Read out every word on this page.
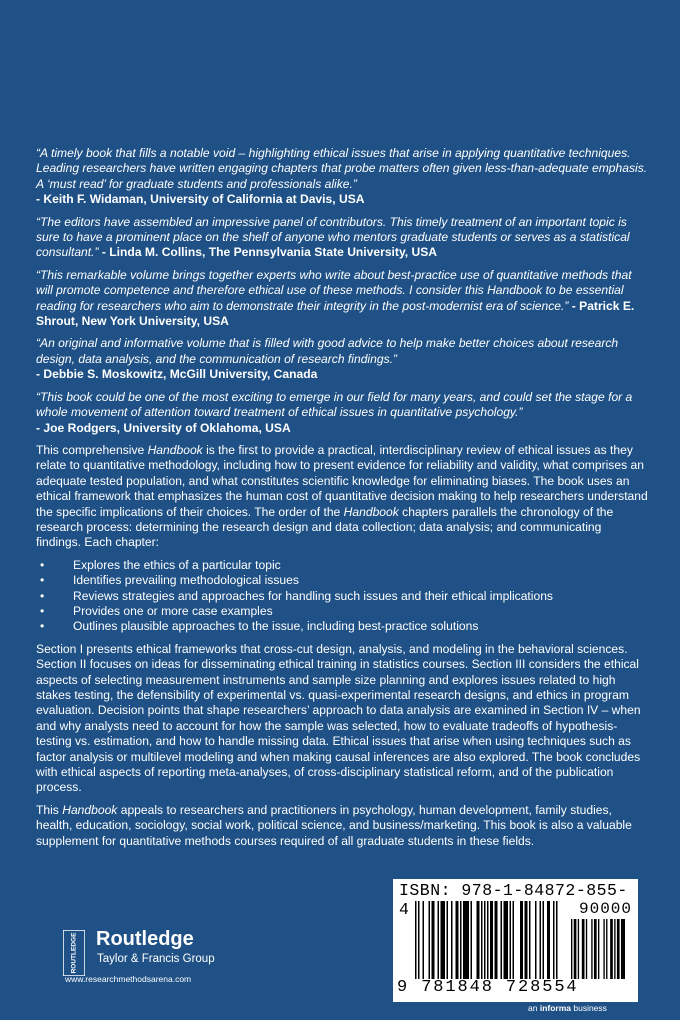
“A timely book that fills a notable void – highlighting ethical issues that arise in applying quantitative techniques. Leading researchers have written engaging chapters that probe matters often given less-than-adequate emphasis. A ‘must read’ for graduate students and professionals alike.”
- Keith F. Widaman, University of California at Davis, USA
“The editors have assembled an impressive panel of contributors. This timely treatment of an important topic is sure to have a prominent place on the shelf of anyone who mentors graduate students or serves as a statistical consultant.” - Linda M. Collins, The Pennsylvania State University, USA
“This remarkable volume brings together experts who write about best-practice use of quantitative methods that will promote competence and therefore ethical use of these methods. I consider this Handbook to be essential reading for researchers who aim to demonstrate their integrity in the post-modernist era of science.” - Patrick E. Shrout, New York University, USA
“An original and informative volume that is filled with good advice to help make better choices about research design, data analysis, and the communication of research findings.”
- Debbie S. Moskowitz, McGill University, Canada
“This book could be one of the most exciting to emerge in our field for many years, and could set the stage for a whole movement of attention toward treatment of ethical issues in quantitative psychology.”
- Joe Rodgers, University of Oklahoma, USA
This comprehensive Handbook is the first to provide a practical, interdisciplinary review of ethical issues as they relate to quantitative methodology, including how to present evidence for reliability and validity, what comprises an adequate tested population, and what constitutes scientific knowledge for eliminating biases. The book uses an ethical framework that emphasizes the human cost of quantitative decision making to help researchers understand the specific implications of their choices. The order of the Handbook chapters parallels the chronology of the research process: determining the research design and data collection; data analysis; and communicating findings. Each chapter:
• Explores the ethics of a particular topic
• Identifies prevailing methodological issues
• Reviews strategies and approaches for handling such issues and their ethical implications
• Provides one or more case examples
• Outlines plausible approaches to the issue, including best-practice solutions
Section I presents ethical frameworks that cross-cut design, analysis, and modeling in the behavioral sciences. Section II focuses on ideas for disseminating ethical training in statistics courses. Section III considers the ethical aspects of selecting measurement instruments and sample size planning and explores issues related to high stakes testing, the defensibility of experimental vs. quasi-experimental research designs, and ethics in program evaluation. Decision points that shape researchers’ approach to data analysis are examined in Section IV – when and why analysts need to account for how the sample was selected, how to evaluate tradeoffs of hypothesis-testing vs. estimation, and how to handle missing data. Ethical issues that arise when using techniques such as factor analysis or multilevel modeling and when making causal inferences are also explored. The book concludes with ethical aspects of reporting meta-analyses, of cross-disciplinary statistical reform, and of the publication process.
This Handbook appeals to researchers and practitioners in psychology, human development, family studies, health, education, sociology, social work, political science, and business/marketing. This book is also a valuable supplement for quantitative methods courses required of all graduate students in these fields.
ROUTLEDGE Routledge
Taylor & Francis Group
www.researchmethodsarena.com
ISBN: 978-1-84872-855-4	90000
9 781848 728554
an informa business
